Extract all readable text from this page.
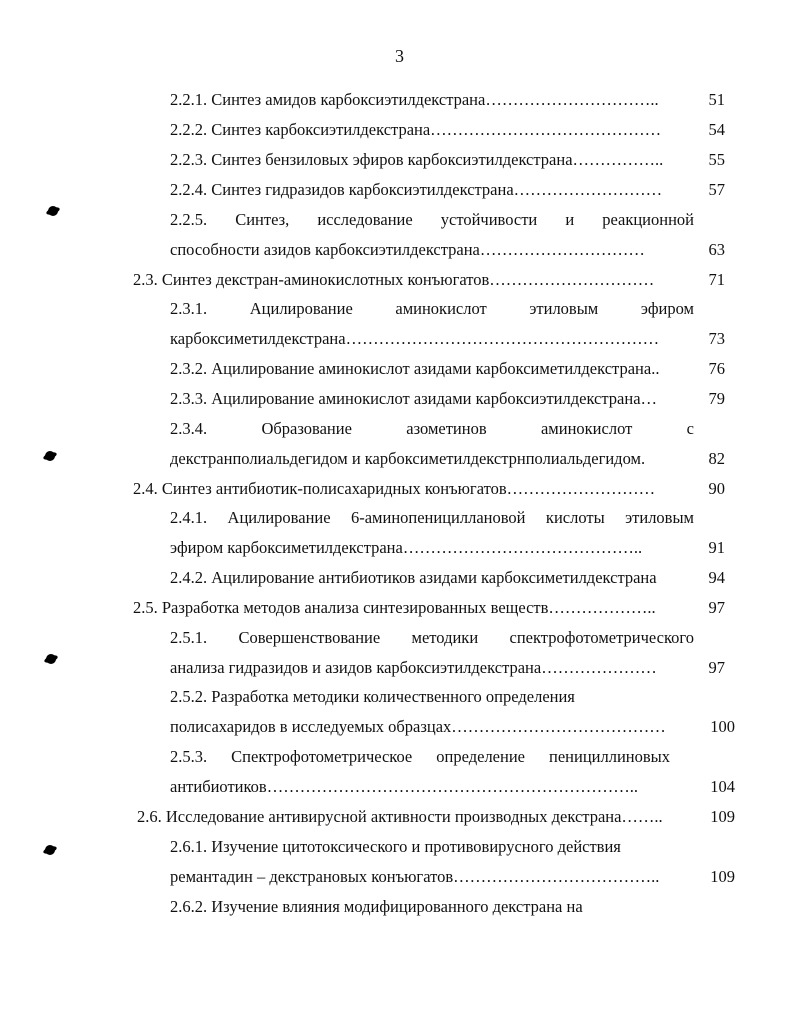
3
2.2.1. Синтез амидов карбоксиэтилдекстрана…………………………..	51
2.2.2. Синтез карбоксиэтилдекстрана……………………………………	54
2.2.3. Синтез бензиловых эфиров карбоксиэтилдекстрана……………..	55
2.2.4. Синтез гидразидов карбоксиэтилдекстрана………………………	57
2.2.5. Синтез, исследование устойчивости и реакционной
способности азидов карбоксиэтилдекстрана…………………………	63
2.3. Синтез декстран-аминокислотных конъюгатов…………………………	71
2.3.1. Ацилирование аминокислот этиловым эфиром
карбоксиметилдекстрана…………………………………………………	73
2.3.2. Ацилирование аминокислот азидами карбоксиметилдекстрана..	76
2.3.3. Ацилирование аминокислот азидами карбоксиэтилдекстрана…	79
2.3.4. Образование азометинов аминокислот с
декстранполиальдегидом и карбоксиметилдекстрнполиальдегидом.	82
2.4. Синтез антибиотик-полисахаридных конъюгатов………………………	90
2.4.1. Ацилирование 6-аминопенициллановой кислоты этиловым
эфиром карбоксиметилдекстрана……………………………………..	91
2.4.2. Ацилирование антибиотиков азидами карбоксиметилдекстрана	94
2.5. Разработка методов анализа синтезированных веществ………………..	97
2.5.1. Совершенствование методики спектрофотометрического
анализа гидразидов и азидов карбоксиэтилдекстрана…………………	97
2.5.2. Разработка методики количественного определения
полисахаридов в исследуемых образцах…………………………………	100
2.5.3. Спектрофотометрическое определение пенициллиновых
антибиотиков…………………………………………………………..	104
2.6. Исследование антивирусной активности производных декстрана……..	109
2.6.1. Изучение цитотоксического и противовирусного действия
ремантадин – декстрановых конъюгатов………………………………..	109
2.6.2. Изучение влияния модифицированного декстрана на
